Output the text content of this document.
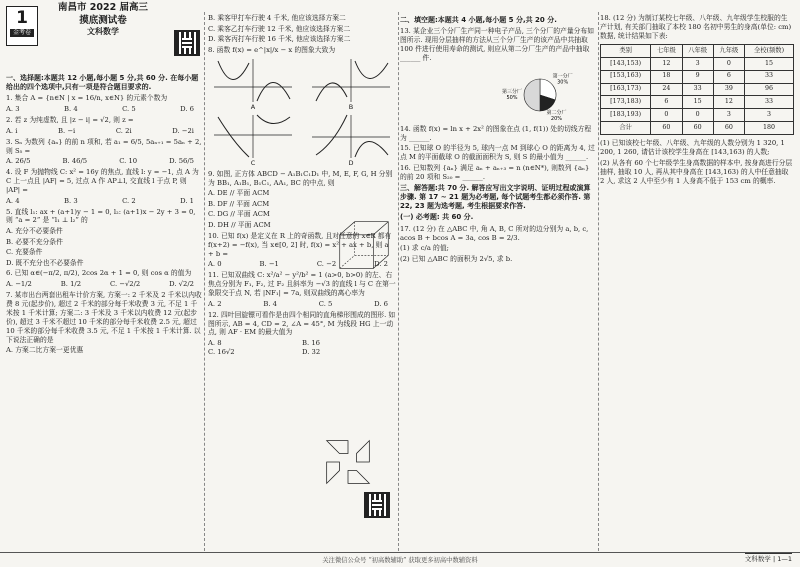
1
金考卷
南昌市 2022 届高三
摸底测试卷
文科数学

一、选择题:本题共 12 小题,每小题 5 分,共 60 分. 在每小题给出的四个选项中,只有一项是符合题目要求的.

1. 集合 A = {n∈N | x = 16/n, x∈N} 的元素个数为

A. 3	B. 4	C. 5	D. 6

2. 若 z 为纯虚数, 且 |z − i| = √2, 则 z =

A. i	B. −i	C. 2i	D. −2i

3. Sₙ 为数列 {aₙ} 的前 n 项和, 若 a₁ = 6/5, 5aₙ₊₁ = 5aₙ + 2, 则 S₅ =

A. 26/5	B. 46/5	C. 10	D. 56/5

4. 设 F 为抛物线 C: x² = 16y 的焦点, 直线 l: y = −1, 点 A 为 C 上一点且 |AF| = 5, 过点 A 作 AP⊥l, 交直线 l 于点 P, 则 |AP| =

A. 4	B. 3	C. 2	D. 1

5. 直线 l₁: ax + (a+1)y − 1 = 0, l₂: (a+1)x − 2y + 3 = 0, 则 “a = 2” 是 “l₁ ⊥ l₂” 的

A. 充分不必要条件

B. 必要不充分条件

C. 充要条件

D. 既不充分也不必要条件

6. 已知 α∈(−π/2, π/2), 2cos 2α + 1 = 0, 则 cos α 的值为

A. −1/2	B. 1/2	C. −√2/2	D. √2/2

7. 某市出台两套出租车计价方案, 方案一: 2 千米及 2 千米以内收费 8 元(起步价), 超过 2 千米的部分每千米收费 3 元, 不足 1 千米按 1 千米计算; 方案二: 3 千米及 3 千米以内收费 12 元(起步价), 超过 3 千米不超过 10 千米的部分每千米收费 2.5 元, 超过 10 千米的部分每千米收费 3.5 元, 不足 1 千米按 1 千米计算. 以下说法正确的是

A. 方案二比方案一更优惠

B. 乘客甲打车行驶 4 千米, 他应该选择方案二

C. 乘客乙打车行驶 12 千米, 他应该选择方案二

D. 乘客丙打车行驶 16 千米, 他应该选择方案二

8. 函数 f(x) = e^|x|/x − x 的图象大致为

A	B
C	D

9. 如图, 正方体 ABCD − A₁B₁C₁D₁ 中, M, E, F, G, H 分别为 BB₁, A₁B₁, B₁C₁, AA₁, BC 的中点, 则

A. DE // 平面 ACM

B. DF // 平面 ACM

C. DG // 平面 ACM

D. DH // 平面 ACM

10. 已知 f(x) 是定义在 R 上的奇函数, 且对任意的 x∈R 都有 f(x+2) = −f(x), 当 x∈[0, 2] 时, f(x) = x² + ax + b, 则 a + b =

A. 0	B. −1	C. −2	D. 2

11. 已知双曲线 C: x²/a² − y²/b² = 1 (a>0, b>0) 的左、右焦点分别为 F₁, F₂, 过 F₂ 且斜率为 −√3 的直线 l 与 C 在第一象限交于点 N, 若 |NF₁| = 7a, 则双曲线的离心率为

A. 2	B. 4	C. 5	D. 6

12. 四叶回旋镖可看作是由四个相同的直角梯形围成的图形. 如图所示, AB = 4, CD = 2, ∠A = 45°, M 为线段 HG 上一动点, 则 AF · EM 的最大值为

A. 8	B. 16
C. 16√2	D. 32

二、填空题:本题共 4 小题,每小题 5 分,共 20 分.

13. 某企业三个分厂生产同一种电子产品, 三个分厂的产量分布如图所示. 现用分层抽样的方法从三个分厂生产的该产品中共抽取 100 件进行使用寿命的测试, 则应从第二分厂生产的产品中抽取 ______ 件.

第一分厂
30%
第二分厂
20%
第三分厂
50%

14. 函数 f(x) = ln x + 2x² 的图象在点 (1, f(1)) 处的切线方程为 ______.

15. 已知球 O 的半径为 5, 球内一点 M 到球心 O 的距离为 4, 过点 M 的平面截球 O 的截面面积为 S, 则 S 的最小值为 ______.

16. 已知数列 {aₙ} 满足 aₙ + aₙ₊₃ = n (n∈N*), 则数列 {aₙ} 的前 20 项和 S₂₀ = ______.

三、解答题:共 70 分. 解答应写出文字说明、证明过程或演算步骤. 第 17 ~ 21 题为必考题, 每个试题考生都必须作答. 第 22, 23 题为选考题, 考生根据要求作答.

(一) 必考题: 共 60 分.

17. (12 分) 在 △ABC 中, 角 A, B, C 所对的边分别为 a, b, c, acos B + bcos A = 3a, cos B = 2/3.

(1) 求 c/a 的值;

(2) 已知 △ABC 的面积为 2√5, 求 b.

18. (12 分) 为制订某校七年级、八年级、九年级学生校服的生产计划, 有关部门抽取了本校 180 名初中男生的身高(单位: cm) 数据, 统计结果如下表:

类别	七年级	八年级	九年级	全校(频数)
[143,153)	12	3	0	15
[153,163)	18	9	6	33
[163,173)	24	33	39	96
[173,183)	6	15	12	33
[183,193)	0	0	3	3
合计	60	60	60	180

(1) 已知该校七年级、八年级、九年级的人数分别为 1 320, 1 200, 1 260, 请估计该校学生身高在 [143,163) 的人数;

(2) 从各有 60 个七年级学生身高数据的样本中, 按身高进行分层抽样, 抽取 10 人, 再从其中身高在 [143,163) 的人中任意抽取 2 人, 求这 2 人中至少有 1 人身高不低于 153 cm 的概率.

关注微信公众号 “初高数辅助” 获取更多初高中数辅资料	文科数学 | 1—1
